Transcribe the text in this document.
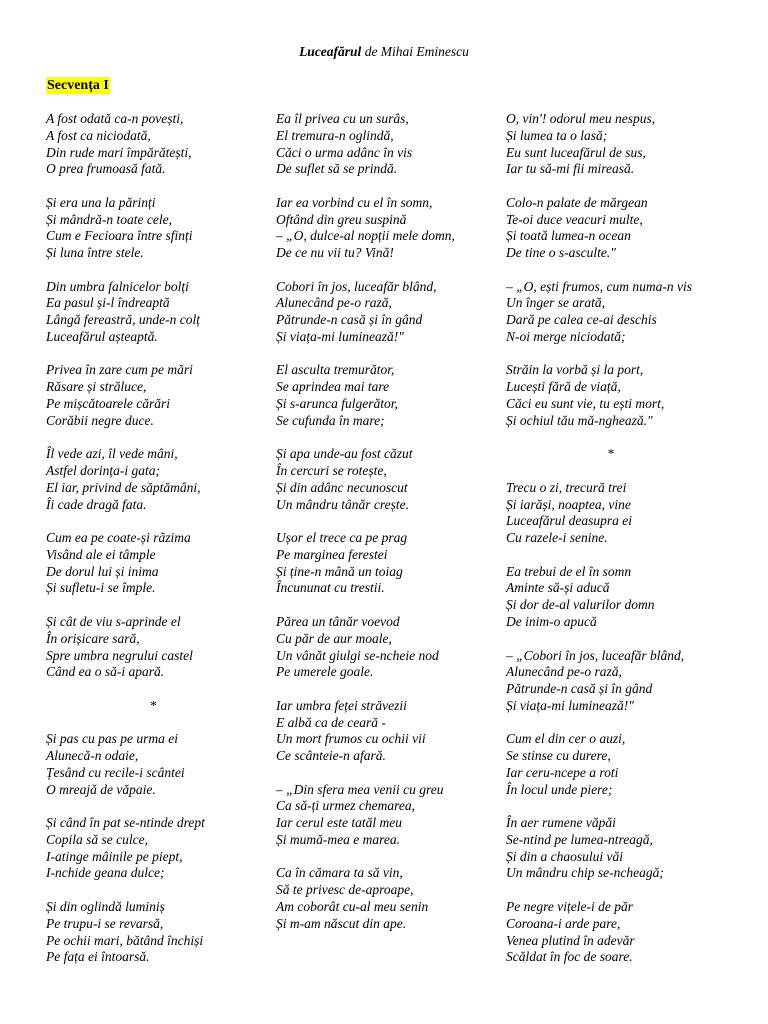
Luceafărul de Mihai Eminescu
Secvența I
A fost odată ca-n povești,
A fost ca niciodată,
Din rude mari împărătești,
O prea frumoasă fată.
Și era una la părinți
Și mândră-n toate cele,
Cum e Fecioara între sfinți
Și luna între stele.
Din umbra falnicelor bolți
Ea pasul și-l îndreaptă
Lângă fereastră, unde-n colț
Luceafărul așteaptă.
Privea în zare cum pe mări
Răsare și străluce,
Pe mișcătoarele cărări
Corăbii negre duce.
Îl vede azi, îl vede mâni,
Astfel dorința-i gata;
El iar, privind de săptămâni,
Îi cade dragă fata.
Cum ea pe coate-și rãzima
Visând ale ei tâmple
De dorul lui și inima
Și sufletu-i se împle.
Și cât de viu s-aprinde el
În orișicare sară,
Spre umbra negrului castel
Când ea o să-i apară.
*
Și pas cu pas pe urma ei
Alunecă-n odaie,
Țesând cu recile-i scântei
O mreajă de văpaie.
Și când în pat se-ntinde drept
Copila să se culce,
I-atinge mâinile pe piept,
I-nchide geana dulce;
Și din oglindă luminiș
Pe trupu-i se revarsă,
Pe ochii mari, bătând închiși
Pe fața ei întoarsă.
Ea îl privea cu un surâs,
El tremura-n oglindă,
Căci o urma adânc în vis
De suflet să se prindă.
Iar ea vorbind cu el în somn,
Oftând din greu suspină
– „O, dulce-al nopții mele domn,
De ce nu vii tu? Vină!
Cobori în jos, luceafăr blând,
Alunecând pe-o rază,
Pătrunde-n casă și în gând
Și viața-mi luminează!"
El asculta tremurător,
Se aprindea mai tare
Și s-arunca fulgerător,
Se cufunda în mare;
Și apa unde-au fost căzut
În cercuri se rotește,
Și din adânc necunoscut
Un mândru tânăr crește.
Ușor el trece ca pe prag
Pe marginea ferestei
Și ține-n mână un toiag
Încununat cu trestii.
Părea un tânăr voevod
Cu păr de aur moale,
Un vânăt giulgi se-ncheie nod
Pe umerele goale.
Iar umbra feței străvezii
E albă ca de ceară -
Un mort frumos cu ochii vii
Ce scânteie-n afară.
– „Din sfera mea venii cu greu
Ca să-ți urmez chemarea,
Iar cerul este tatăl meu
Și mumă-mea e marea.
Ca în cămara ta să vin,
Să te privesc de-aproape,
Am coborât cu-al meu senin
Și m-am născut din ape.
O, vin'! odorul meu nespus,
Și lumea ta o lasă;
Eu sunt luceafărul de sus,
Iar tu să-mi fii mireasă.
Colo-n palate de mărgean
Te-oi duce veacuri multe,
Și toată lumea-n ocean
De tine o s-asculte."
– „O, ești frumos, cum numa-n vis
Un înger se arată,
Dară pe calea ce-ai deschis
N-oi merge niciodată;
Străin la vorbă și la port,
Lucești fără de viață,
Căci eu sunt vie, tu ești mort,
Și ochiul tău mă-nghează."
*
Trecu o zi, trecură trei
Și iarăși, noaptea, vine
Luceafărul deasupra ei
Cu razele-i senine.
Ea trebui de el în somn
Aminte să-și aducă
Și dor de-al valurilor domn
De inim-o apucă
– „Cobori în jos, luceafăr blând,
Alunecând pe-o rază,
Pătrunde-n casă și în gând
Și viața-mi luminează!"
Cum el din cer o auzi,
Se stinse cu durere,
Iar ceru-ncepe a roti
În locul unde piere;
În aer rumene văpăi
Se-ntind pe lumea-ntreagă,
Și din a chaosului văi
Un mândru chip se-ncheagă;
Pe negre vițele-i de păr
Coroana-i arde pare,
Venea plutind în adevăr
Scăldat în foc de soare.
